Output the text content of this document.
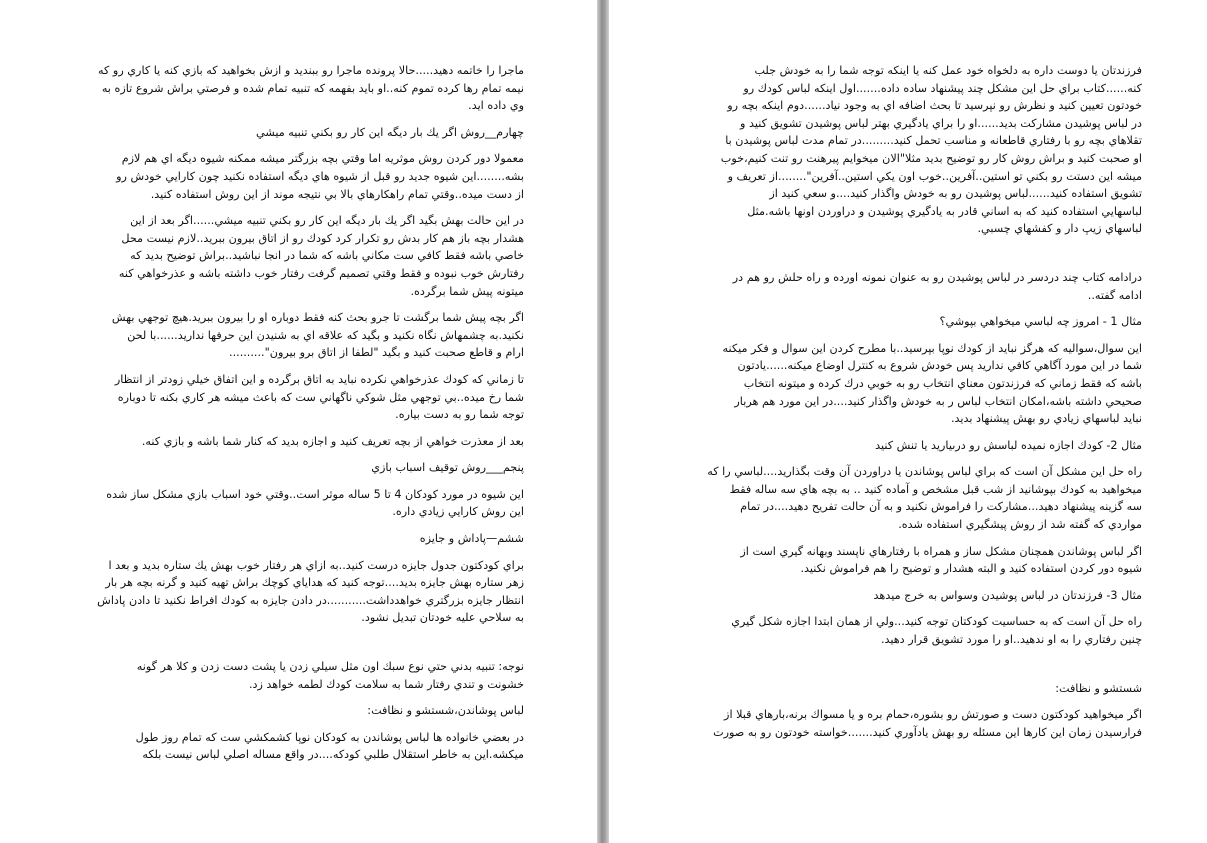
ماجرا را خاتمه دهيد.....حالا پرونده ماجرا رو ببنديد و ازش بخواهيد كه بازي كنه يا كاري رو كه
نيمه تمام رها كرده تموم كنه..او بايد بفهمه كه تنبيه تمام شده و فرصتي براش شروع تازه به
وي داده ايد.

چهارم__روش اگر يك بار ديگه اين كار رو بكني تنبيه ميشي

معمولا دور كردن روش موثريه اما وقتي بچه بزرگتر ميشه ممكنه شيوه ديگه اي هم لازم
بشه........اين شيوه جديد رو قبل از شيوه هاي ديگه استفاده نكنيد چون كارايي خودش رو
از دست ميده..وقتي تمام راهكارهاي بالا بي نتيجه موند از اين روش استفاده كنيد.

در اين حالت بهش بگيد اگر يك بار ديگه اين كار رو بكني تنبيه ميشي......اگر بعد از اين
هشدار بچه باز هم كار بدش رو تكرار كرد كودك رو از اتاق بيرون ببريد..لازم نيست محل
خاصي باشه فقط كافي ست مكاني باشه كه شما در انجا نباشيد..براش توضيح بديد كه
رفتارش خوب نبوده و فقط وقتي تصميم گرفت رفتار خوب داشته باشه و عذرخواهي كنه
ميتونه پيش شما برگرده.

اگر بچه پيش شما برگشت تا جرو بحث كنه فقط دوباره او را بيرون ببريد.هيچ توجهي بهش
نكنيد.به چشمهاش نگاه نكنيد و بگيد كه علاقه اي به شنيدن اين حرفها نداريد......با لحن
ارام و قاطع صحبت كنيد و بگيد "لطفا از اتاق برو بيرون"..........

تا زماني كه كودك عذرخواهي نكرده نبايد به اتاق برگرده و اين اتفاق خيلي زودتر از انتظار
شما رخ ميده..بي توجهي مثل شوكي ناگهاني ست كه باعث ميشه هر كاري بكنه تا دوباره
توجه شما رو به دست بياره.

بعد از معذرت خواهي از بچه تعريف كنيد و اجازه بديد كه كنار شما باشه و بازي كنه.

پنجم___روش توقيف اسباب بازي

اين شيوه در مورد كودكان 4 تا 5 ساله موثر است..وقتي خود اسباب بازي مشكل ساز شده
اين روش كارايي زيادي داره.

ششم—پاداش و جايزه

براي كودكتون جدول جايزه درست كنيد..به ازاي هر رفتار خوب بهش يك ستاره بديد و بعد ا
زهر ستاره بهش جايزه بديد....توجه كنيد كه هداياي كوچك براش تهيه كنيد و گرنه بچه هر بار
انتظار جايزه بزرگتري خواهدداشت...........در دادن جايزه به كودك افراط نكنيد تا دادن پاداش
به سلاحي عليه خودتان تبديل نشود.

نوجه: تنبيه بدني حتي نوع سبك اون مثل سيلي زدن يا پشت دست زدن و كلا هر گونه
خشونت و تندي رفتار شما به سلامت كودك لطمه خواهد زد.

لباس پوشاندن،شستشو و نظافت:

در بعضي خانواده ها لباس پوشاندن به كودكان نوپا كشمكشي ست كه تمام روز طول
ميكشه.اين به خاطر استقلال طلبي كودكه....در واقع مساله اصلي لباس نيست بلكه

فرزندتان يا دوست داره به دلخواه خود عمل كنه يا اينكه توجه شما را به خودش جلب
كنه......كتاب براي حل اين مشكل چند پيشنهاد ساده داده.......اول اينكه لباس كودك رو
خودتون تعيين كنيد و نظرش رو نپرسيد تا بحث اضافه اي به وجود نياد......دوم اينكه بچه رو
در لباس پوشيدن مشاركت بديد......او را براي يادگيري بهتر لباس پوشيدن تشويق كنيد و
تقلاهاي بچه رو با رفتاري قاطعانه و مناسب تحمل كنيد.........در تمام مدت لباس پوشيدن با
او صحبت كنيد و براش روش كار رو توضيح بديد مثلا"الان ميخوايم پيرهنت رو تنت كنيم،خوب
ميشه اين دستت رو بكني تو استين..آفرين..خوب اون يكي استين..آفرين"........از تعريف و
تشويق استفاده كنيد......لباس پوشيدن رو به خودش واگذار كنيد....و سعي كنيد از
لباسهايي استفاده كنيد كه به اساني قادر به يادگيري پوشيدن و دراوردن اونها باشه.مثل
لباسهاي زيپ دار و كفشهاي چسبي.

درادامه كتاب چند دردسر در لباس پوشيدن رو به عنوان نمونه اورده و راه حلش رو هم در
ادامه گفته..

مثال 1 - امروز چه لباسي ميخواهي بپوشي؟

اين سوال،سواليه كه هرگز نبايد از كودك نوپا بپرسيد..با مطرح كردن اين سوال و فكر ميكنه
شما در اين مورد آگاهي كافي نداريد پس خودش شروع به كنترل اوضاع ميكنه......يادتون
باشه كه فقط زماني كه فرزندتون معناي انتخاب رو به خوبي درك كرده و ميتونه انتخاب
صحيحي داشته باشه،امكان انتخاب لباس ر به خودش واگذار كنيد....در اين مورد هم هربار
نبايد لباسهاي زيادي رو بهش پيشنهاد بديد.

مثال 2- كودك اجازه نميده لباسش رو درىياريد يا تنش كنيد

راه حل اين مشكل آن است كه براي لباس پوشاندن يا دراوردن آن وقت بگذاريد....لباسي را كه
ميخواهيد به كودك بپوشانيد از شب قبل مشخص و آماده كنيد .. به بچه هاي سه ساله فقط
سه گزينه پيشنهاد دهيد...مشاركت را فراموش نكنيد و به آن حالت تفريح دهيد....در تمام
مواردي كه گفته شد از روش پيشگيري استفاده شده.

اگر لباس پوشاندن همچنان مشكل ساز و همراه با رفتارهاي ناپسند وبهانه گيري است از
شيوه دور كردن استفاده كنيد و البته هشدار و توضيح را هم فراموش نكنيد.

مثال 3- فرزندتان در لباس پوشيدن وسواس به خرج ميدهد

راه حل آن است كه به حساسيت كودكتان توجه كنيد...ولي از همان ابتدا اجازه شكل گيري
چنين رفتاري را به او ندهيد..او را مورد تشويق قرار دهيد.

شستشو و نظافت:

اگر ميخواهيد كودكتون دست و صورتش رو بشوره،حمام بره و يا مسواك برنه،بارهاي قبلا از
فرارسيدن زمان اين كارها اين مسئله رو بهش يادآوري كنيد.......خواسته خودتون رو به صورت
